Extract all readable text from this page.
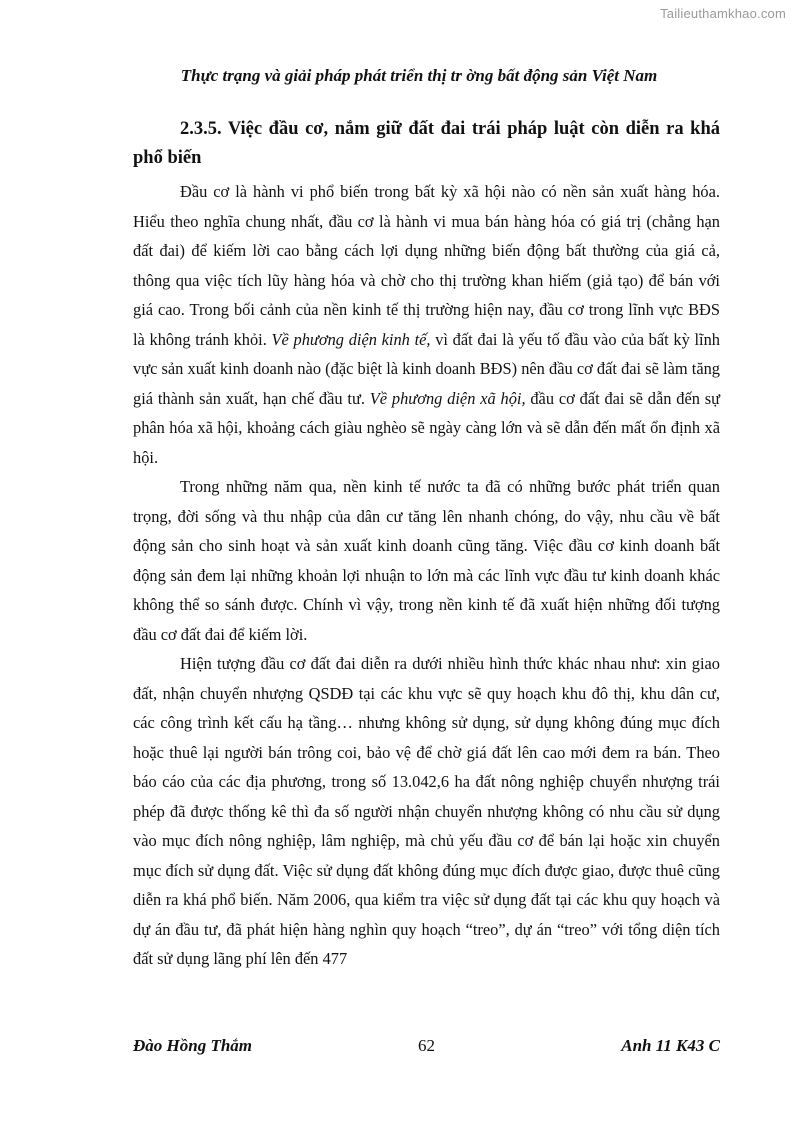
Tailieuthamkhao.com
Thực trạng và giải pháp phát triển thị tr ờng bất động sản Việt Nam
2.3.5. Việc đầu cơ, nắm giữ đất đai trái pháp luật còn diễn ra khá phổ biến

Đầu cơ là hành vi phổ biến trong bất kỳ xã hội nào có nền sản xuất hàng hóa. Hiểu theo nghĩa chung nhất, đầu cơ là hành vi mua bán hàng hóa có giá trị (chẳng hạn đất đai) để kiếm lời cao bằng cách lợi dụng những biến động bất thường của giá cả, thông qua việc tích lũy hàng hóa và chờ cho thị trường khan hiếm (giả tạo) để bán với giá cao. Trong bối cảnh của nền kinh tế thị trường hiện nay, đầu cơ trong lĩnh vực BĐS là không tránh khỏi. Về phương diện kinh tế, vì đất đai là yếu tố đầu vào của bất kỳ lĩnh vực sản xuất kinh doanh nào (đặc biệt là kinh doanh BĐS) nên đầu cơ đất đai sẽ làm tăng giá thành sản xuất, hạn chế đầu tư. Về phương diện xã hội, đầu cơ đất đai sẽ dẫn đến sự phân hóa xã hội, khoảng cách giàu nghèo sẽ ngày càng lớn và sẽ dẫn đến mất ổn định xã hội.

Trong những năm qua, nền kinh tế nước ta đã có những bước phát triển quan trọng, đời sống và thu nhập của dân cư tăng lên nhanh chóng, do vậy, nhu cầu về bất động sản cho sinh hoạt và sản xuất kinh doanh cũng tăng. Việc đầu cơ kinh doanh bất động sản đem lại những khoản lợi nhuận to lớn mà các lĩnh vực đầu tư kinh doanh khác không thể so sánh được. Chính vì vậy, trong nền kinh tế đã xuất hiện những đối tượng đầu cơ đất đai để kiếm lời.

Hiện tượng đầu cơ đất đai diễn ra dưới nhiều hình thức khác nhau như: xin giao đất, nhận chuyển nhượng QSDĐ tại các khu vực sẽ quy hoạch khu đô thị, khu dân cư, các công trình kết cấu hạ tầng… nhưng không sử dụng, sử dụng không đúng mục đích hoặc thuê lại người bán trông coi, bảo vệ để chờ giá đất lên cao mới đem ra bán. Theo báo cáo của các địa phương, trong số 13.042,6 ha đất nông nghiệp chuyển nhượng trái phép đã được thống kê thì đa số người nhận chuyển nhượng không có nhu cầu sử dụng vào mục đích nông nghiệp, lâm nghiệp, mà chủ yếu đầu cơ để bán lại hoặc xin chuyển mục đích sử dụng đất. Việc sử dụng đất không đúng mục đích được giao, được thuê cũng diễn ra khá phổ biến. Năm 2006, qua kiểm tra việc sử dụng đất tại các khu quy hoạch và dự án đầu tư, đã phát hiện hàng nghìn quy hoạch “treo”, dự án “treo” với tổng diện tích đất sử dụng lãng phí lên đến 477

Đào Hồng Thắm	62	Anh 11 K43 C
